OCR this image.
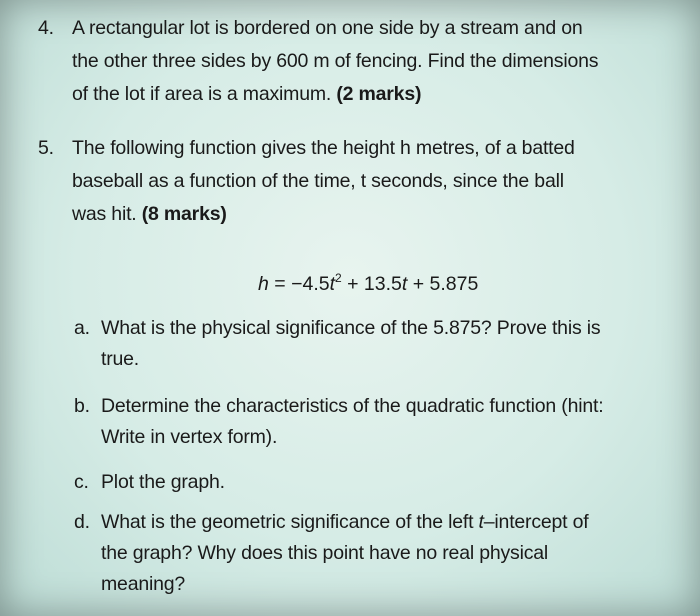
4. A rectangular lot is bordered on one side by a stream and on
the other three sides by 600 m of fencing. Find the dimensions
of the lot if area is a maximum. (2 marks)
5. The following function gives the height h metres, of a batted
baseball as a function of the time, t seconds, since the ball
was hit. (8 marks)
$h = -4.5t^2 + 13.5t + 5.875$
a. What is the physical significance of the 5.875? Prove this is
true.
b. Determine the characteristics of the quadratic function (hint:
Write in vertex form).
c. Plot the graph.
d. What is the geometric significance of the left t–intercept of
the graph? Why does this point have no real physical
meaning?
